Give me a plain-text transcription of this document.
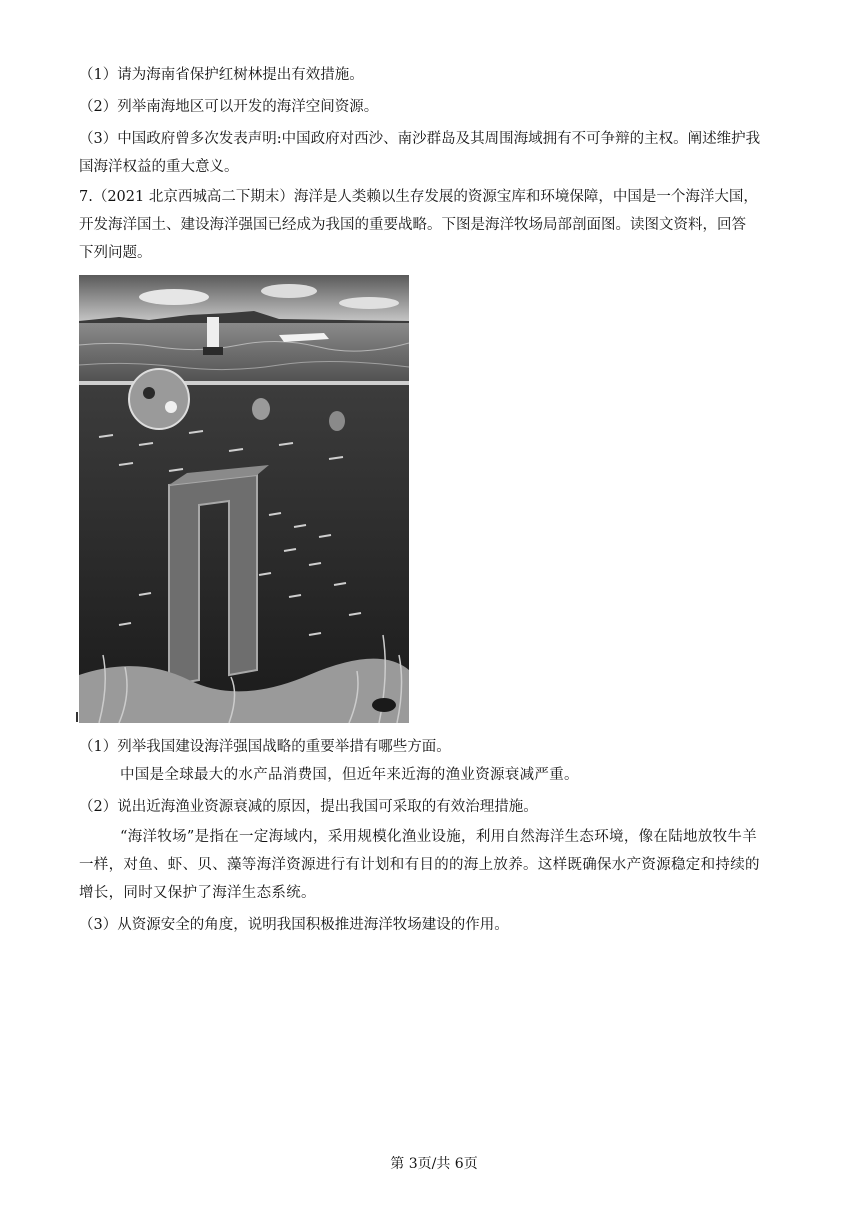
（1）请为海南省保护红树林提出有效措施。
（2）列举南海地区可以开发的海洋空间资源。
（3）中国政府曾多次发表声明:中国政府对西沙、南沙群岛及其周围海域拥有不可争辩的主权。阐述维护我
国海洋权益的重大意义。
7.（2021 北京西城高二下期末）海洋是人类赖以生存发展的资源宝库和环境保障，中国是一个海洋大国，
开发海洋国土、建设海洋强国已经成为我国的重要战略。下图是海洋牧场局部剖面图。读图文资料，回答
下列问题。
（1）列举我国建设海洋强国战略的重要举措有哪些方面。
中国是全球最大的水产品消费国，但近年来近海的渔业资源衰减严重。
（2）说出近海渔业资源衰减的原因，提出我国可采取的有效治理措施。
“海洋牧场”是指在一定海域内，采用规模化渔业设施，利用自然海洋生态环境，像在陆地放牧牛羊
一样，对鱼、虾、贝、藻等海洋资源进行有计划和有目的的海上放养。这样既确保水产资源稳定和持续的
增长，同时又保护了海洋生态系统。
（3）从资源安全的角度，说明我国积极推进海洋牧场建设的作用。
第 3页/共 6页
